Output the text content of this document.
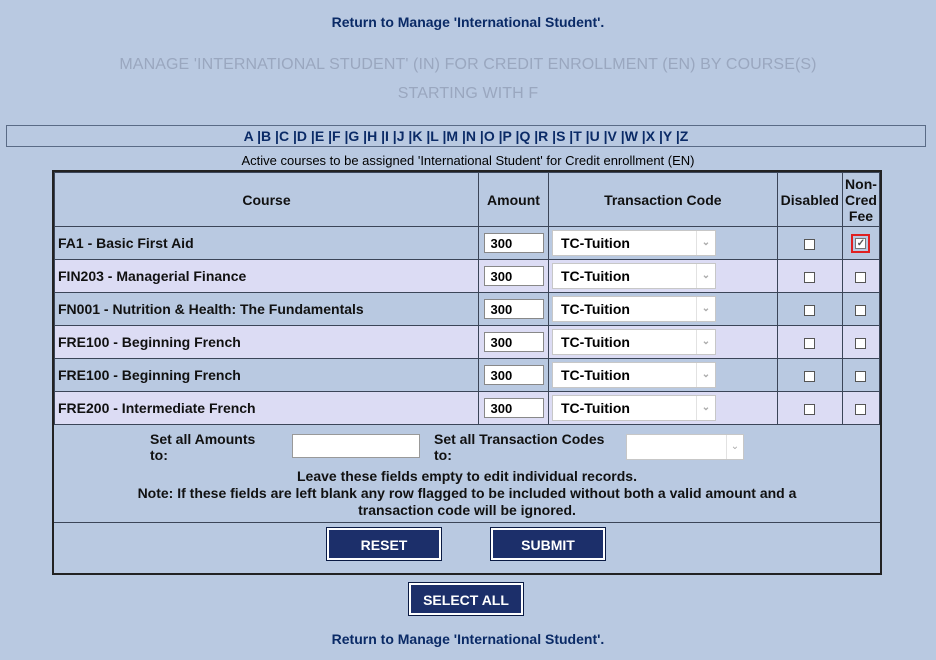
Return to Manage 'International Student'.
MANAGE 'INTERNATIONAL STUDENT' (IN) FOR CREDIT ENROLLMENT (EN) BY COURSE(S)
STARTING WITH F
A |B |C |D |E |F |G |H |I |J |K |L |M |N |O |P |Q |R |S |T |U |V |W |X |Y |Z
Active courses to be assigned 'International Student' for Credit enrollment (EN)
Course	Amount	Transaction Code	Disabled	Non-
Cred
Fee
FA1 - Basic First Aid	300	TC-Tuition ⌄		✓

FIN203 - Managerial Finance	300	TC-Tuition ⌄		

FN001 - Nutrition & Health: The Fundamentals	300	TC-Tuition ⌄		

FRE100 - Beginning French	300	TC-Tuition ⌄		

FRE100 - Beginning French	300	TC-Tuition ⌄		

FRE200 - Intermediate French	300	TC-Tuition ⌄		

Set all Amounts
to:
Set all Transaction Codes
to:
⌄
Leave these fields empty to edit individual records.
Note: If these fields are left blank any row flagged to be included without both a valid amount and a
transaction code will be ignored.
RESET	SUBMIT
SELECT ALL
Return to Manage 'International Student'.
